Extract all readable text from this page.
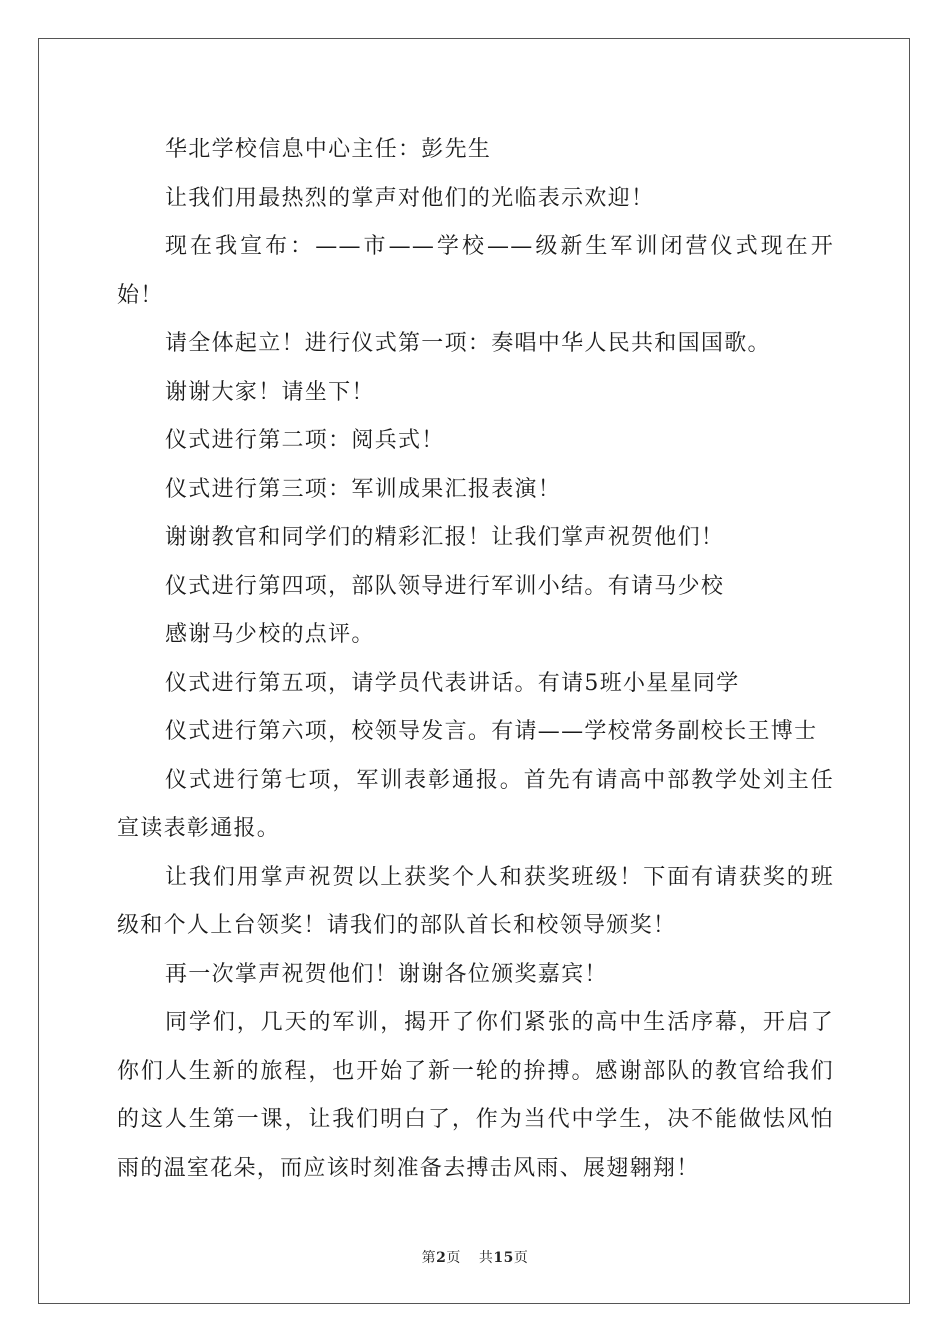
华北学校信息中心主任：彭先生

让我们用最热烈的掌声对他们的光临表示欢迎！

现在我宣布：——市——学校——级新生军训闭营仪式现在开始！

请全体起立！进行仪式第一项：奏唱中华人民共和国国歌。

谢谢大家！请坐下！

仪式进行第二项：阅兵式！

仪式进行第三项：军训成果汇报表演！

谢谢教官和同学们的精彩汇报！让我们掌声祝贺他们！

仪式进行第四项，部队领导进行军训小结。有请马少校

感谢马少校的点评。

仪式进行第五项，请学员代表讲话。有请5班小星星同学

仪式进行第六项，校领导发言。有请——学校常务副校长王博士

仪式进行第七项，军训表彰通报。首先有请高中部教学处刘主任宣读表彰通报。

让我们用掌声祝贺以上获奖个人和获奖班级！下面有请获奖的班级和个人上台领奖！请我们的部队首长和校领导颁奖！

再一次掌声祝贺他们！谢谢各位颁奖嘉宾！

同学们，几天的军训，揭开了你们紧张的高中生活序幕，开启了你们人生新的旅程，也开始了新一轮的拚搏。感谢部队的教官给我们的这人生第一课，让我们明白了，作为当代中学生，决不能做怯风怕雨的温室花朵，而应该时刻准备去搏击风雨、展翅翱翔！

第2页 共15页
